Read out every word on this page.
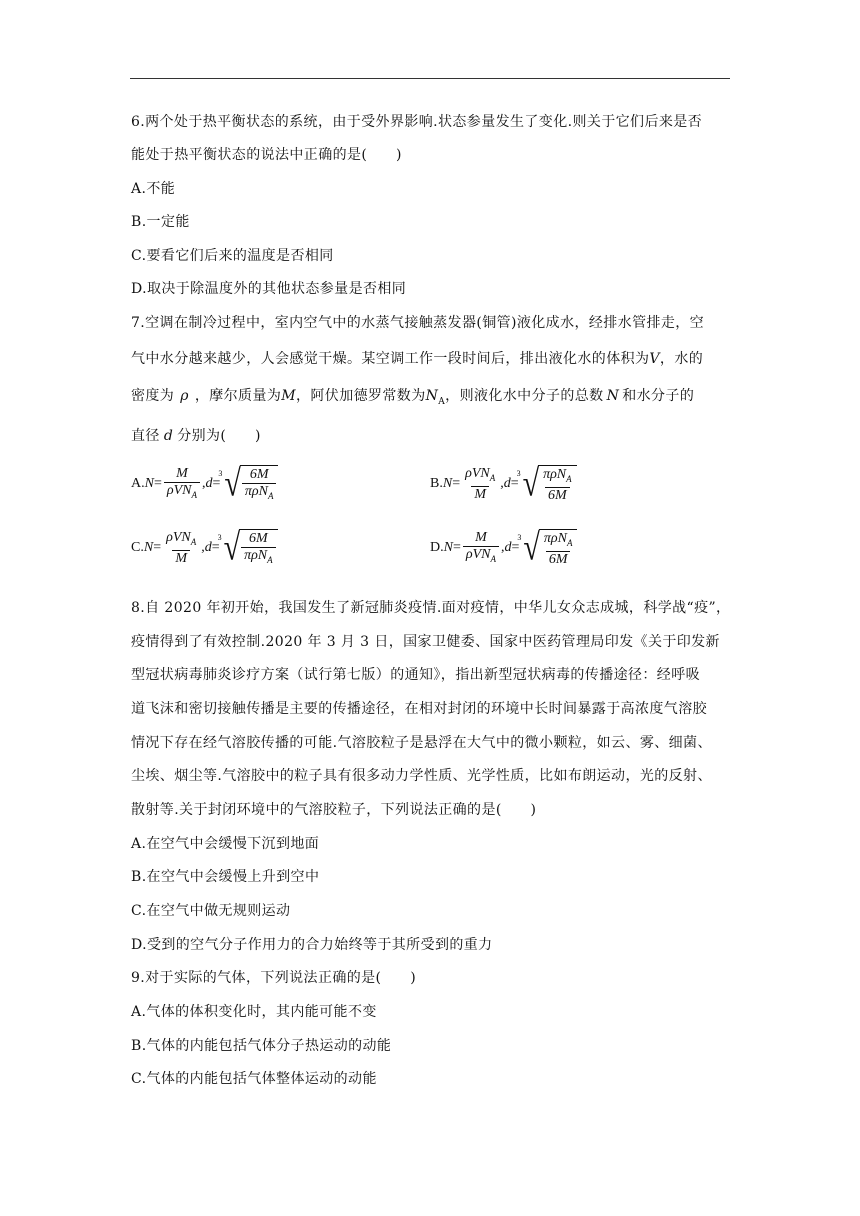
6.两个处于热平衡状态的系统，由于受外界影响.状态参量发生了变化.则关于它们后来是否
能处于热平衡状态的说法中正确的是(　　)
A.不能
B.一定能
C.要看它们后来的温度是否相同
D.取决于除温度外的其他状态参量是否相同
7.空调在制冷过程中，室内空气中的水蒸气接触蒸发器(铜管)液化成水，经排水管排走，空
气中水分越来越少，人会感觉干燥。某空调工作一段时间后，排出液化水的体积为V，水的
密度为 ρ ，摩尔质量为M，阿伏加德罗常数为$N_A$，则液化水中分子的总数 N 和水分子的
直径 d 分别为(　　)
A. $N = \frac{M}{\rho VN_A}$ , d =
3 √ $\frac{6M}{\pi\rho N_A}$	B. $N = \frac{\rho VN_A}{M}$ , d =
3 √ $\frac{\pi\rho N_A}{6M}$
C. $N = \frac{\rho VN_A}{M}$ , d =
3 √ $\frac{6M}{\pi\rho N_A}$	D. $N = \frac{M}{\rho VN_A}$ , d =
3 √ $\frac{\pi\rho N_A}{6M}$
8.自 2020 年初开始，我国发生了新冠肺炎疫情.面对疫情，中华儿女众志成城，科学战“疫”，
疫情得到了有效控制.2020 年 3 月 3 日，国家卫健委、国家中医药管理局印发《关于印发新
型冠状病毒肺炎诊疗方案（试行第七版）的通知》，指出新型冠状病毒的传播途径：经呼吸
道飞沫和密切接触传播是主要的传播途径，在相对封闭的环境中长时间暴露于高浓度气溶胶
情况下存在经气溶胶传播的可能.气溶胶粒子是悬浮在大气中的微小颗粒，如云、雾、细菌、
尘埃、烟尘等.气溶胶中的粒子具有很多动力学性质、光学性质，比如布朗运动，光的反射、
散射等.关于封闭环境中的气溶胶粒子，下列说法正确的是(　　)
A.在空气中会缓慢下沉到地面
B.在空气中会缓慢上升到空中
C.在空气中做无规则运动
D.受到的空气分子作用力的合力始终等于其所受到的重力
9.对于实际的气体，下列说法正确的是(　　)
A.气体的体积变化时，其内能可能不变
B.气体的内能包括气体分子热运动的动能
C.气体的内能包括气体整体运动的动能
